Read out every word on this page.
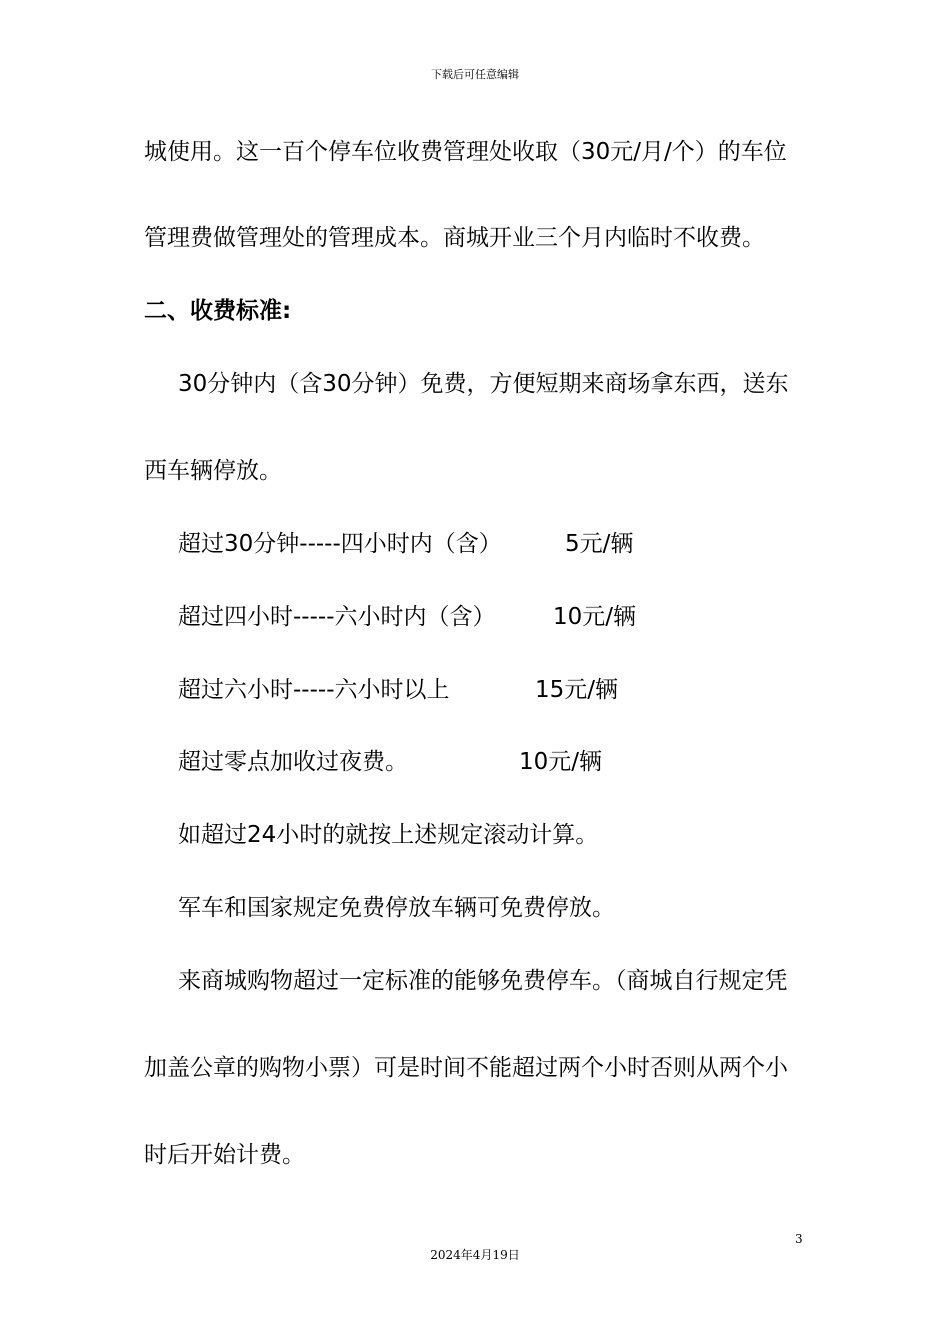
下载后可任意编辑
城使用。这一百个停车位收费管理处收取（30元/月/个）的车位
管理费做管理处的管理成本。商城开业三个月内临时不收费。
二、收费标准:
30分钟内（含30分钟）免费，方便短期来商场拿东西，送东
西车辆停放。
超过30分钟-----四小时内（含）	5元/辆
超过四小时-----六小时内（含）	10元/辆
超过六小时-----六小时以上	15元/辆
超过零点加收过夜费。	10元/辆
如超过24小时的就按上述规定滚动计算。
军车和国家规定免费停放车辆可免费停放。
来商城购物超过一定标准的能够免费停车。（商城自行规定凭
加盖公章的购物小票）可是时间不能超过两个小时否则从两个小
时后开始计费。
3
2024年4月19日
